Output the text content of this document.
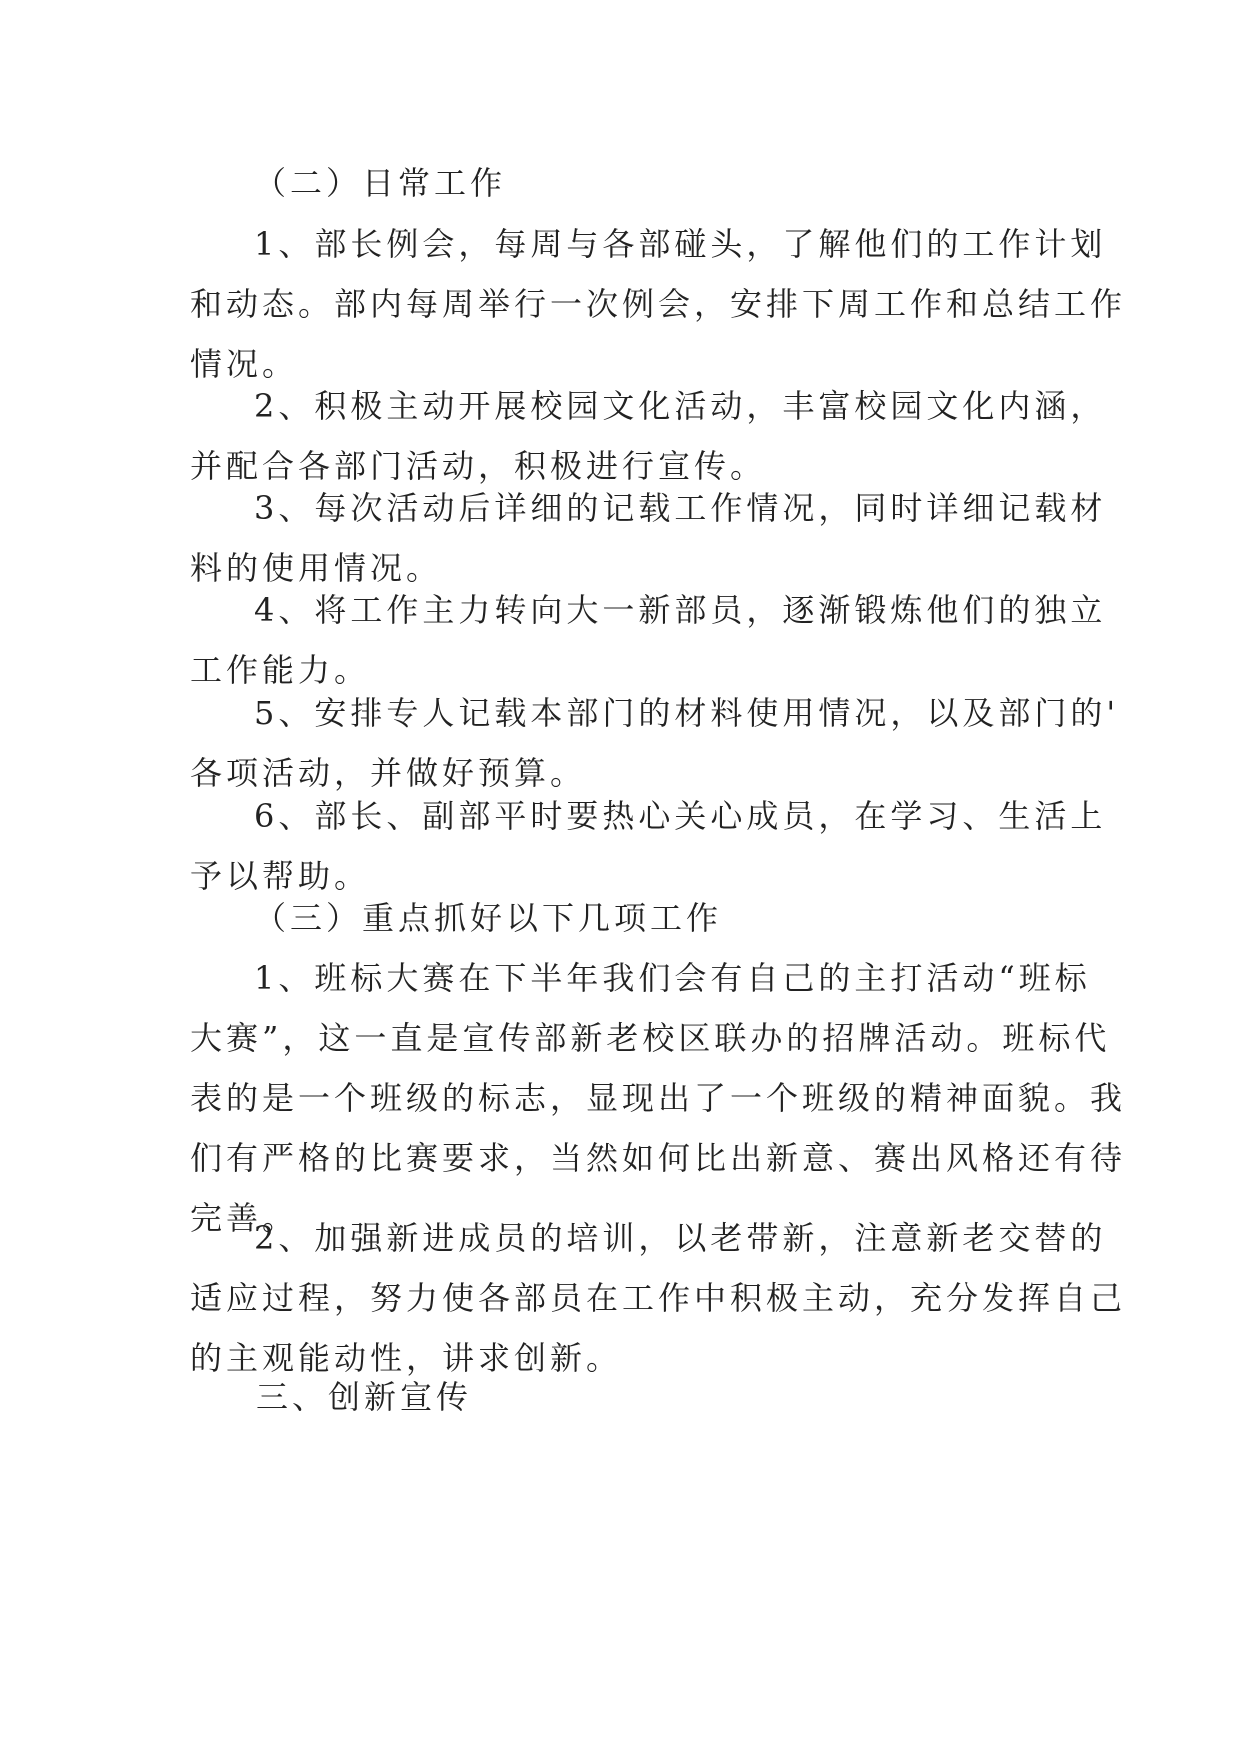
（二）日常工作
1、部长例会，每周与各部碰头，了解他们的工作计划
和动态。部内每周举行一次例会，安排下周工作和总结工作
情况。
2、积极主动开展校园文化活动，丰富校园文化内涵，
并配合各部门活动，积极进行宣传。
3、每次活动后详细的记载工作情况，同时详细记载材
料的使用情况。
4、将工作主力转向大一新部员，逐渐锻炼他们的独立
工作能力。
5、安排专人记载本部门的材料使用情况，以及部门的'
各项活动，并做好预算。
6、部长、副部平时要热心关心成员，在学习、生活上
予以帮助。
（三）重点抓好以下几项工作
1、班标大赛在下半年我们会有自己的主打活动“班标
大赛”，这一直是宣传部新老校区联办的招牌活动。班标代
表的是一个班级的标志，显现出了一个班级的精神面貌。我
们有严格的比赛要求，当然如何比出新意、赛出风格还有待
完善。
2、加强新进成员的培训，以老带新，注意新老交替的
适应过程，努力使各部员在工作中积极主动，充分发挥自己
的主观能动性，讲求创新。
三、创新宣传
